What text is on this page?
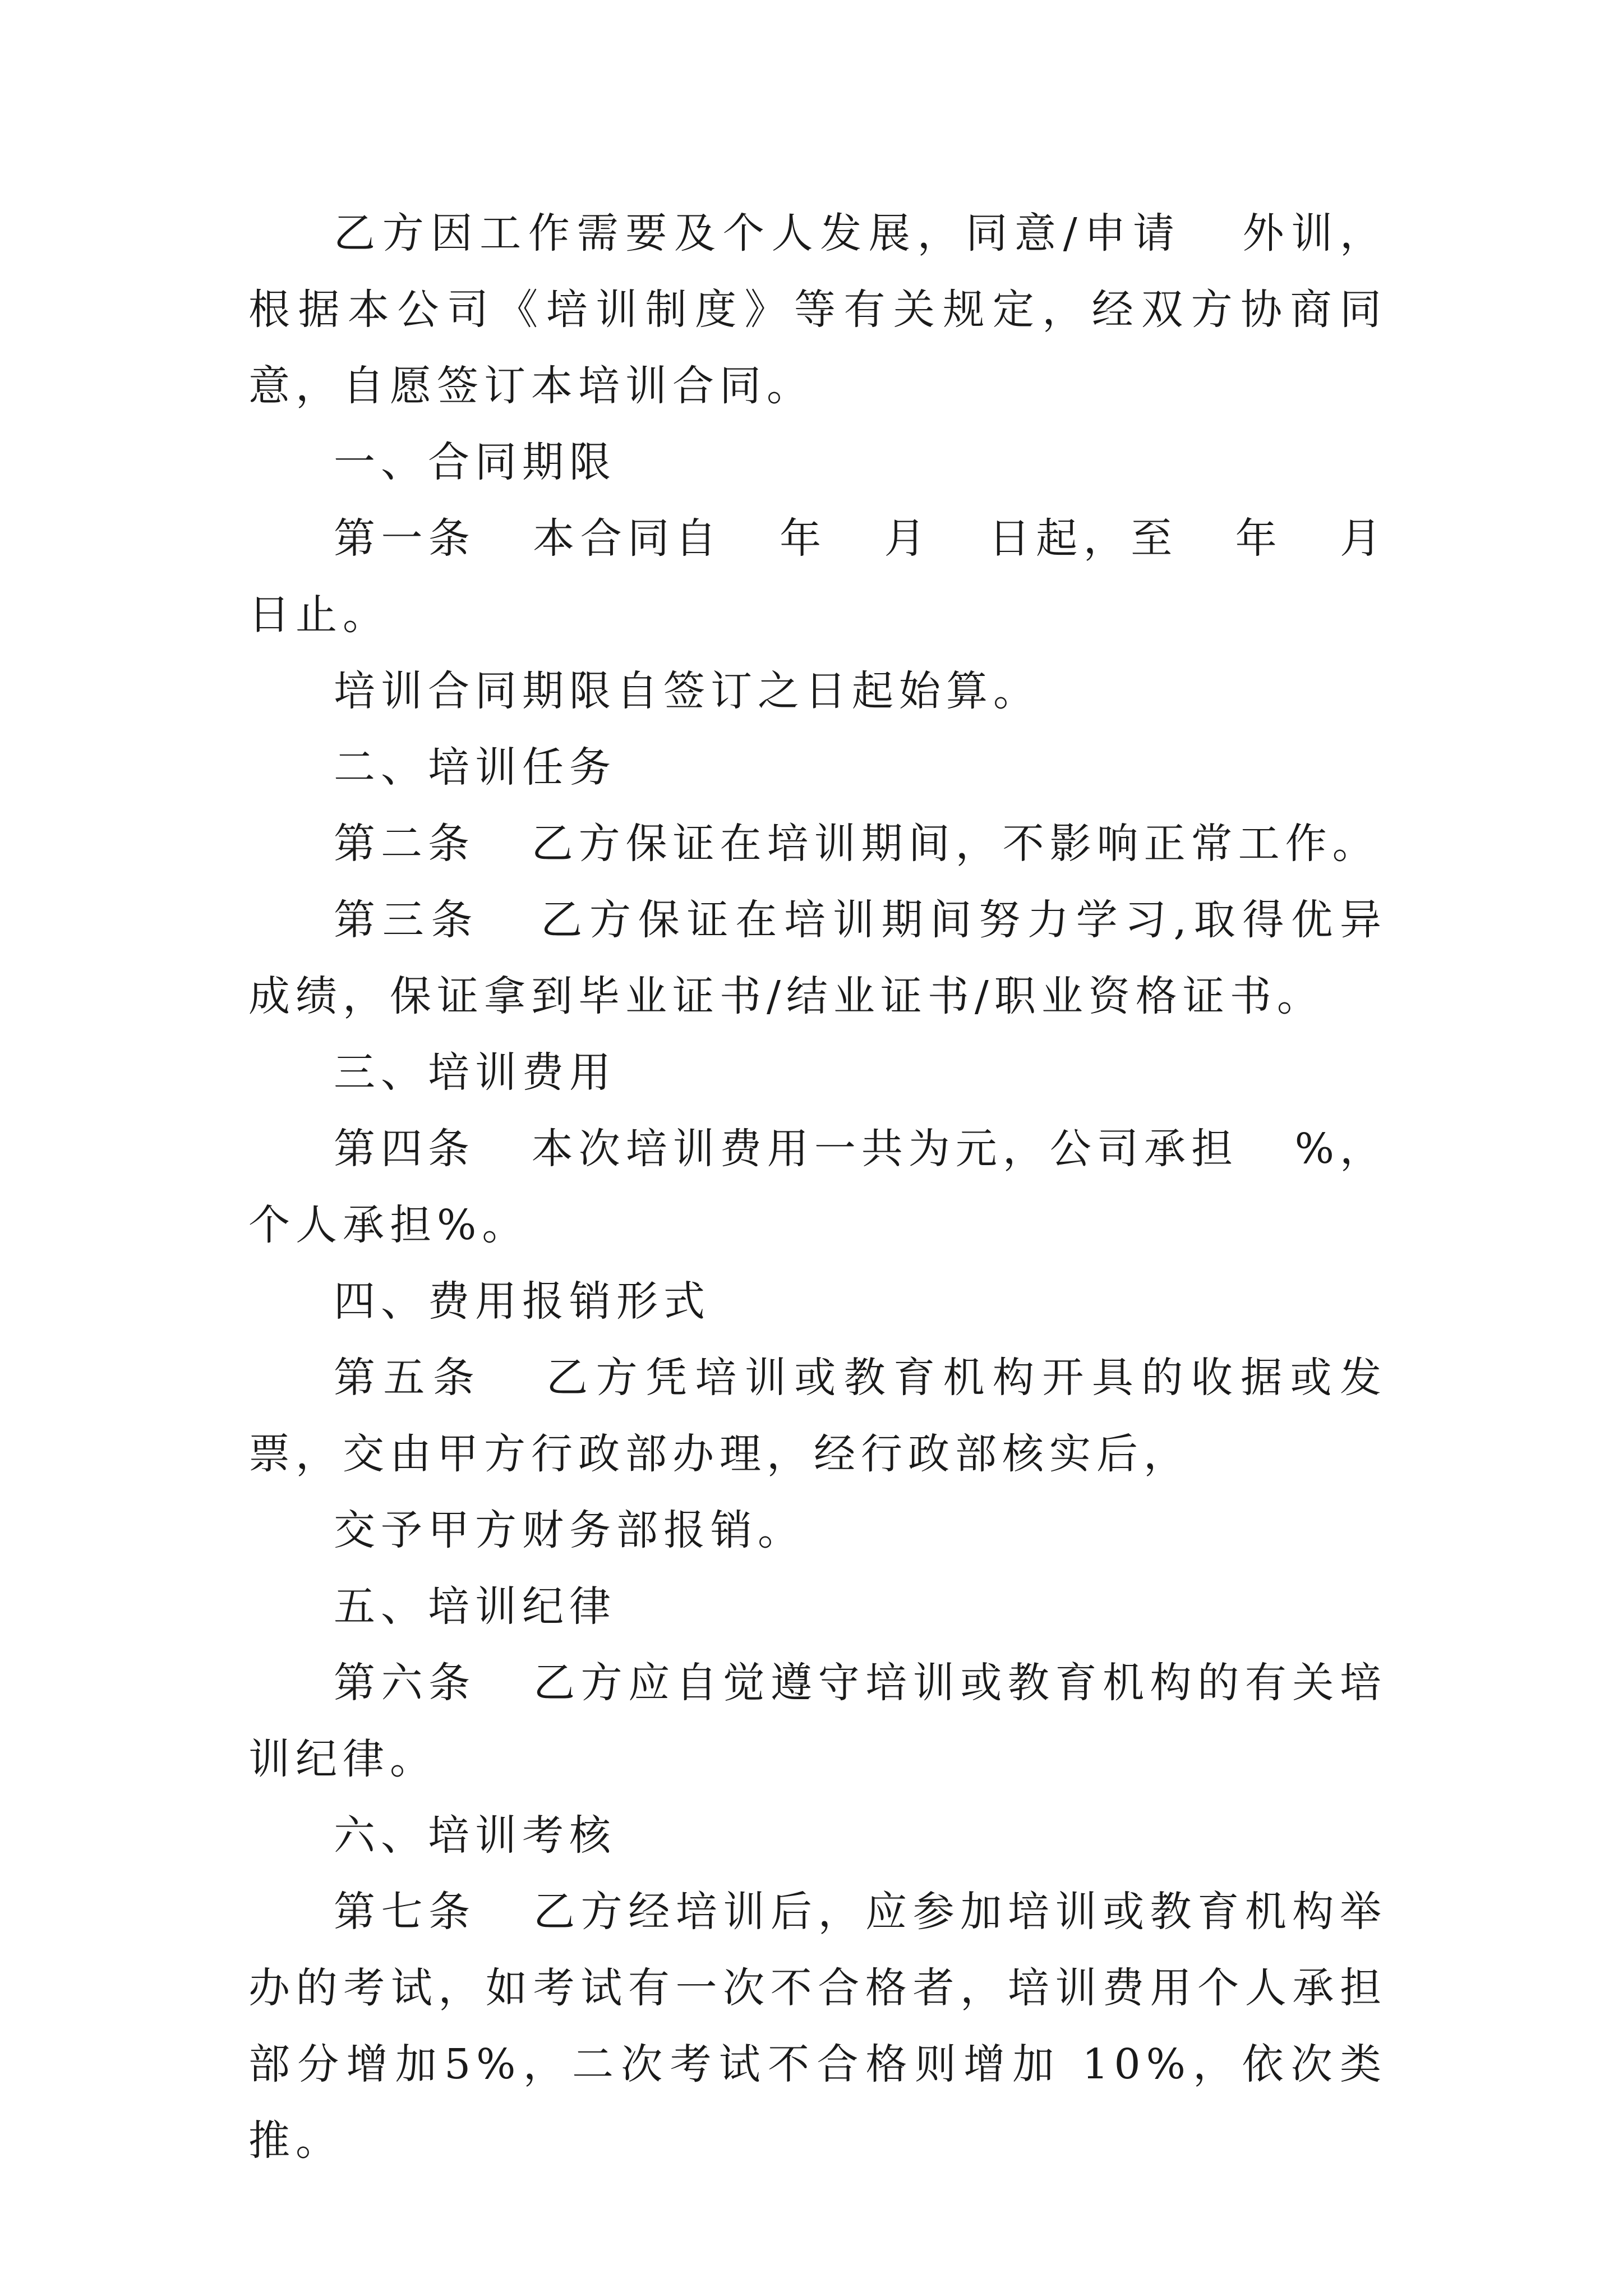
乙方因工作需要及个人发展，同意/申请   外训，根据本公司《培训制度》等有关规定，经双方协商同意，自愿签订本培训合同。

一、合同期限

第一条   本合同自   年   月   日起，至   年   月日止。

培训合同期限自签订之日起始算。

二、培训任务

第二条   乙方保证在培训期间，不影响正常工作。

第三条   乙方保证在培训期间努力学习,取得优异成绩，保证拿到毕业证书/结业证书/职业资格证书。

三、培训费用

第四条   本次培训费用一共为元，公司承担   %，个人承担%。

四、费用报销形式

第五条   乙方凭培训或教育机构开具的收据或发票，交由甲方行政部办理，经行政部核实后，

交予甲方财务部报销。

五、培训纪律

第六条   乙方应自觉遵守培训或教育机构的有关培训纪律。

六、培训考核

第七条   乙方经培训后，应参加培训或教育机构举办的考试，如考试有一次不合格者，培训费用个人承担部分增加5%，二次考试不合格则增加 10%，依次类推。
